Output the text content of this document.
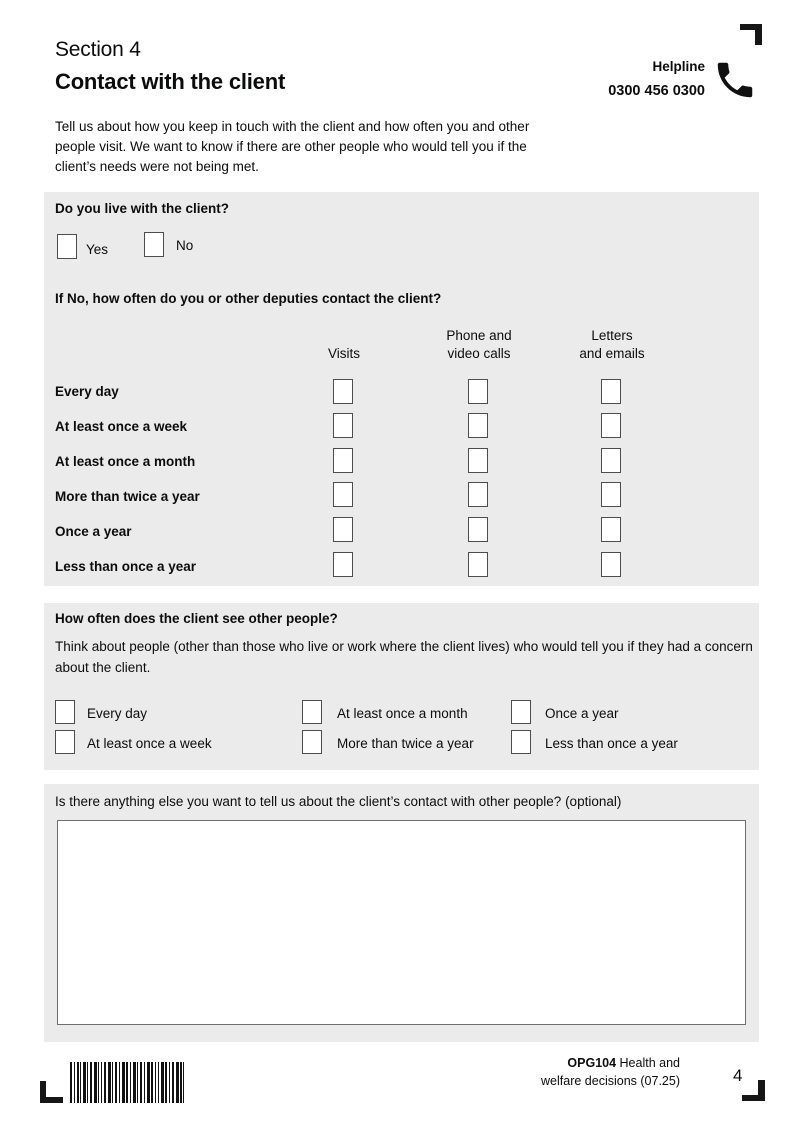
Section 4
Contact with the client
Helpline
0300 456 0300

Tell us about how you keep in touch with the client and how often you and other people visit. We want to know if there are other people who would tell you if the client’s needs were not being met.

Do you live with the client?
Yes	No
If No, how often do you or other deputies contact the client?
Visits
Phone and
video calls
Letters
and emails
Every day
At least once a week
At least once a month
More than twice a year
Once a year
Less than once a year
How often does the client see other people?

Think about people (other than those who live or work where the client lives) who would tell you if they had a concern about the client.

Every day
At least once a week
At least once a month
More than twice a year
Once a year
Less than once a year
Is there anything else you want to tell us about the client’s contact with other people? (optional)
OPG104 Health and
welfare decisions (07.25)	4
